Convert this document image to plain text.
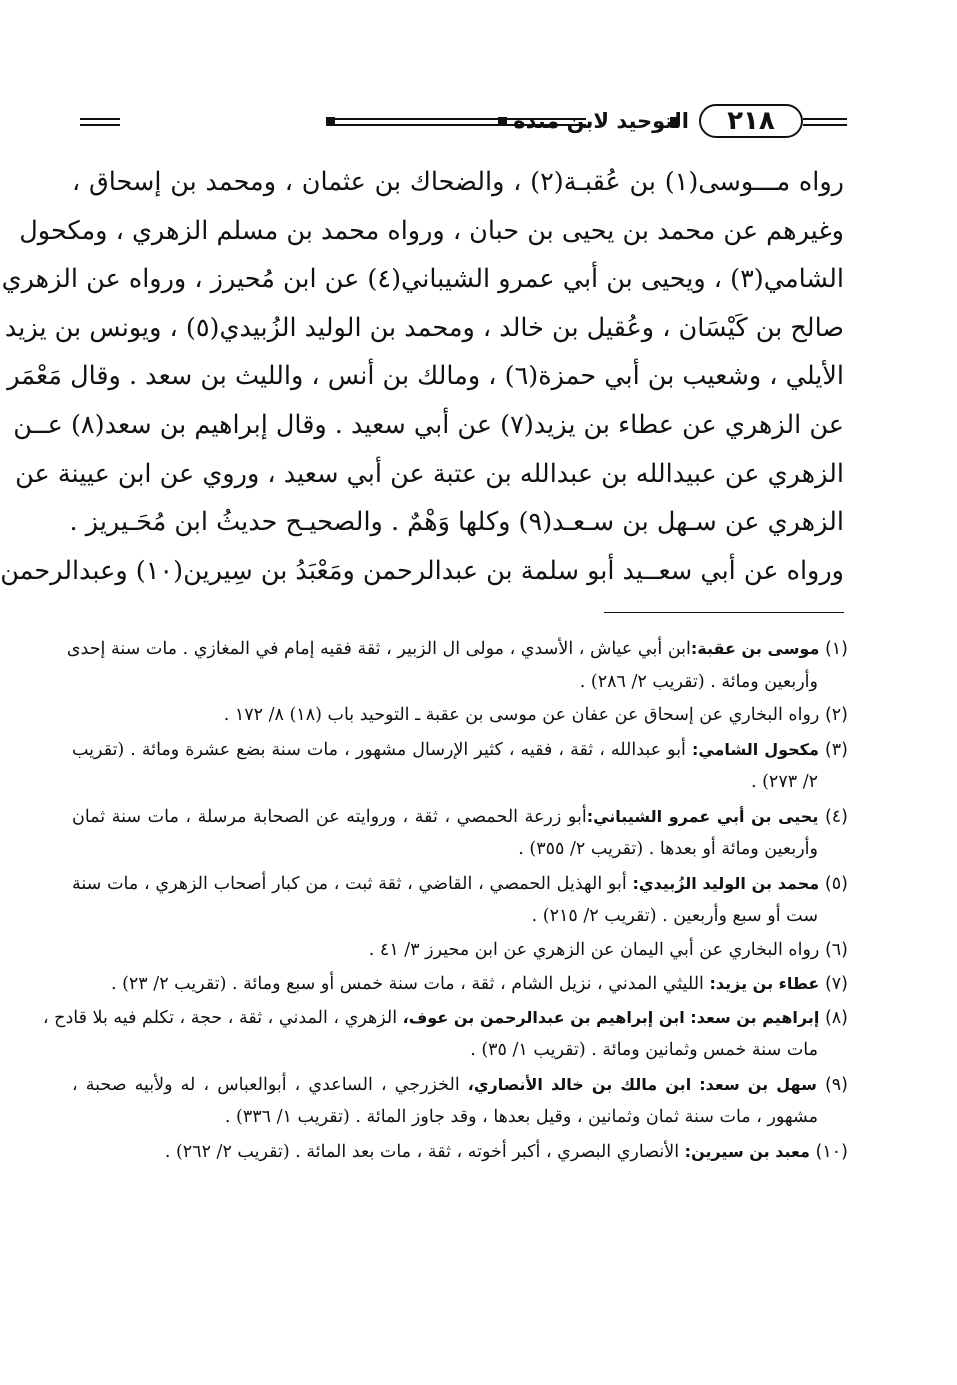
٢١٨
التوحيد لابن منده
رواه مـــوسى(١) بن عُقبـة(٢) ، والضحاك بن عثمان ، ومحمد بن إسحاق ،
وغيرهم عن محمد بن يحيى بن حبان ، ورواه محمد بن مسلم الزهري ، ومكحول
الشامي(٣) ، ويحيى بن أبي عمرو الشيباني(٤) عن ابن مُحيرز ، ورواه عن الزهري
صالح بن كَيْسَان ، وعُقيل بن خالد ، ومحمد بن الوليد الزُبيدي(٥) ، ويونس بن يزيد
الأيلي ، وشعيب بن أبي حمزة(٦) ، ومالك بن أنس ، والليث بن سعد . وقال مَعْمَر
عن الزهري عن عطاء بن يزيد(٧) عن أبي سعيد . وقال إبراهيم بن سعد(٨) عــن
الزهري عن عبيدالله بن عبدالله بن عتبة عن أبي سعيد ، وروي عن ابن عيينة عن
الزهري عن سـهل بن سـعـد(٩) وكلها وَهْمٌ . والصحيـح حديثُ ابن مُحَـيريز .
ورواه عن أبي سعــيد أبو سلمة بن عبدالرحمن ومَعْبَدُ بن سِيرين(١٠) وعبدالرحمن
(١) موسى بن عقبة:ابن أبي عياش ، الأسدي ، مولى ال الزبير ، ثقة فقيه إمام في المغازي . مات سنة إحدى
وأربعين ومائة . (تقريب ٢/ ٢٨٦) .
(٢) رواه البخاري عن إسحاق عن عفان عن موسى بن عقبة ـ التوحيد باب (١٨) ٨/ ١٧٢ .
(٣) مكحول الشامي: أبو عبدالله ، ثقة ، فقيه ، كثير الإرسال مشهور ، مات سنة بضع عشرة ومائة . (تقريب
٢/ ٢٧٣) .
(٤) يحيى بن أبي عمرو الشيباني:أبو زرعة الحمصي ، ثقة ، وروايته عن الصحابة مرسلة ، مات سنة ثمان
وأربعين ومائة أو بعدها . (تقريب ٢/ ٣٥٥) .
(٥) محمد بن الوليد الزُبيدي: أبو الهذيل الحمصي ، القاضي ، ثقة ثبت ، من كبار أصحاب الزهري ، مات سنة
ست أو سبع وأربعين . (تقريب ٢/ ٢١٥) .
(٦) رواه البخاري عن أبي اليمان عن الزهري عن ابن محيرز ٣/ ٤١ .
(٧) عطاء بن يزيد: الليثي المدني ، نزيل الشام ، ثقة ، مات سنة خمس أو سبع ومائة . (تقريب ٢/ ٢٣) .
(٨) إبراهيم بن سعد: ابن إبراهيم بن عبدالرحمن بن عوف، الزهري ، المدني ، ثقة ، حجة ، تكلم فيه بلا قادح ،
مات سنة خمس وثمانين ومائة . (تقريب ١/ ٣٥) .
(٩) سهل بن سعد: ابن مالك بن خالد الأنصاري، الخزرجي ، الساعدي ، أبوالعباس ، له ولأبيه صحبة ،
مشهور ، مات سنة ثمان وثمانين ، وقيل بعدها ، وقد جاوز المائة . (تقريب ١/ ٣٣٦) .
(١٠) معبد بن سيرين: الأنصاري البصري ، أكبر أخوته ، ثقة ، مات بعد المائة . (تقريب ٢/ ٢٦٢) .
